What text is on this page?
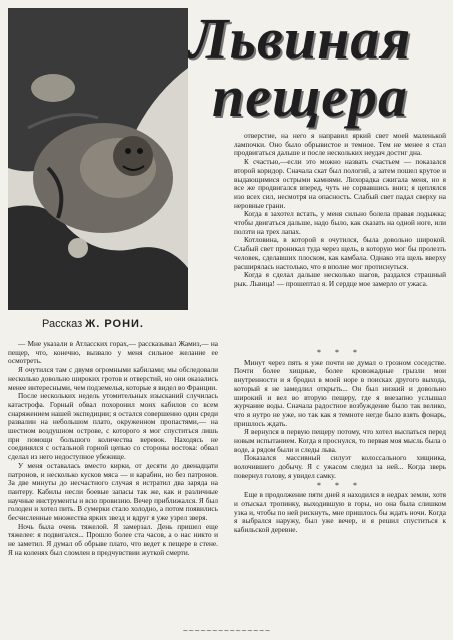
Львиная
пещера
Рассказ Ж. РОНИ.

— Мне указали в Атласских горах,— рассказывал Жамиз,— на пещер, что, конечно, вызвало у меня сильное желание ее осмотреть.

Я очутился там с двумя огромными кабилами; мы обследовали несколько довольно широких гротов и отверстий, но они оказались менее интересными, чем подземелья, которые я видел во Франции.

После нескольких недель утомительных изысканий случилась катастрофа. Горный обвал похоронил моих кабилов со всем снаряжением нашей экспедиции; я остался совершенно один среди развалин на небольшом плато, окруженном пропастями,— на шестиом воздушном острове, с которого я мог спуститься лишь при помощи большого количества веревок. Находясь не соединялся с остальной горной цепью со стороны востока: обвал сделал из него недоступное убежище.

У меня оставалась вместо кирки, от десяти до двенадцати патронов, и несколько кусков мяса — и карабин, но без патронов. За две минуты до несчастного случая я истратил два заряда на пантеру. Кабилы несли боевые запасы так же, как и различные научные инструменты и всю провизию. Вечер приближался. Я был голоден и хотел пить. В сумерки стало холодно, а потом появились бесчисленные множества ярких звезд и вдруг я уже узрел зверя.

Ночь была очень тяжелой. Я замерзал. День пришел еще тяжелее: я подвигался... Прошло более ста часов, а о нас никто и не заметил. Я думал об обрыве плато, что ведет к пещере в стене. Я на коленях был сломлен в предчувствии жуткой смерти.

отверстие, на него я направил яркий свет моей маленькой лампочки. Оно было обрывистое и темное. Тем не менее я стал продвигаться дальше и после нескольких неудач достиг дна.

К счастью,—если это можно назвать счастьем — показался второй коридор. Сначала скат был пологий, а затем пошел крутое и выдающимися острыми камнями. Лихорадка сжигала меня, но я все же продвигался вперед, чуть не сорвавшись вниз; я цеплялся изо всех сил, несмотря на опасность. Слабый свет падал сверху на неровные грани.

Когда я захотел встать, у меня сильно болела правая лодыжка; чтобы двигаться дальше, надо было, как сказать на одной ноге, или ползти на трех лапах.

Котловина, в которой я очутился, была довольно широкой. Слабый свет проникал туда через щель, в которую мог бы пролезть человек, сделавших плоском, как камбала. Однако эта щель вверху расширялась настолько, что я вполне мог протиснуться.

Когда я сделал дальше несколько шагов, раздался страшный рык. Львица! — прошептал я. И сердце мое замерло от ужаса.

* * *

Минут через пять я уже почти не думал о грозном соседстве. Почти более хищные, более кровожадные грызли мои внутренности и я бродил в моей норе в поисках другого выхода, который я не замедлил открыть... Он был низкий и довольно широкий и вел во вторую пещеру, где я внезапно услышал журчание воды. Сначала радостное возбуждение было так велико, что я нутро не уже, но так как я темноте негде было взять фонарь, пришлось ждать.

Я вернулся в первую пещеру потому, что хотел выспаться перед новым испытанием. Когда я проснулся, то первая моя мысль была о воде, а рядом были и следы льва.

Показался массивный силуэт колоссального хищника, волочившего добычу. Я с ужасом следил за ней... Когда зверь повернул голову, я увидел самку.

* * *

Еще в продолжение пяти дней я находился в недрах земли, хотя и отыскал тропинку, выходившую в горы, но она была слишком узка и, чтобы по ней рискнуть, мне пришлось бы ждать ночи. Когда я выбрался наружу, был уже вечер, и я решил спуститься к кабильской деревне.

~~~~~~~~~~~~~~~
